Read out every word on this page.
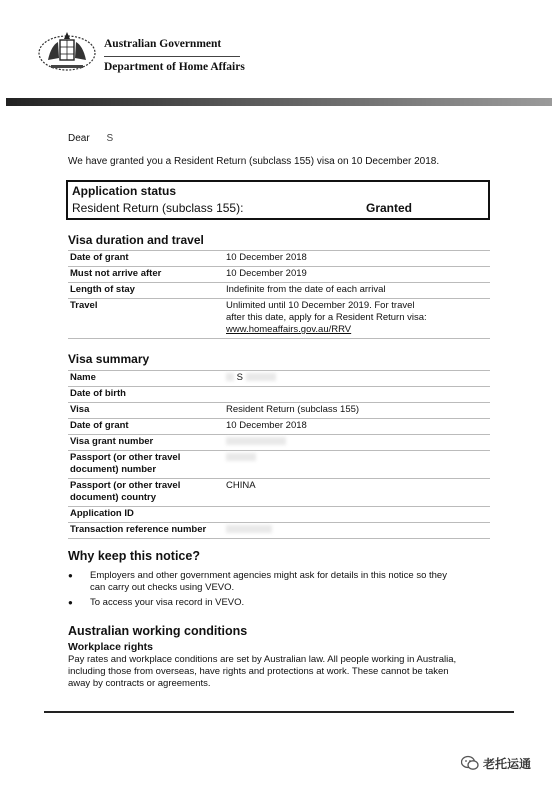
Australian Government
Department of Home Affairs
Dear S
We have granted you a Resident Return (subclass 155) visa on 10 December 2018.
Application status
Resident Return (subclass 155):	Granted
Visa duration and travel
Date of grant	10 December 2018
Must not arrive after	10 December 2019
Length of stay	Indefinite from the date of each arrival
Travel	Unlimited until 10 December 2019. For travel
after this date, apply for a Resident Return visa:
www.homeaffairs.gov.au/RRV
Visa summary
Name	S
Date of birth	
Visa	Resident Return (subclass 155)
Date of grant	10 December 2018
Visa grant number	

Passport (or other travel
document) number	

Passport (or other travel
document) country	CHINA
Application ID	
Transaction reference number	
Why keep this notice?
● Employers and other government agencies might ask for details in this notice so they
can carry out checks using VEVO.
● To access your visa record in VEVO.
Australian working conditions
Workplace rights
Pay rates and workplace conditions are set by Australian law. All people working in Australia,
including those from overseas, have rights and protections at work. These cannot be taken
away by contracts or agreements.
老托运通
